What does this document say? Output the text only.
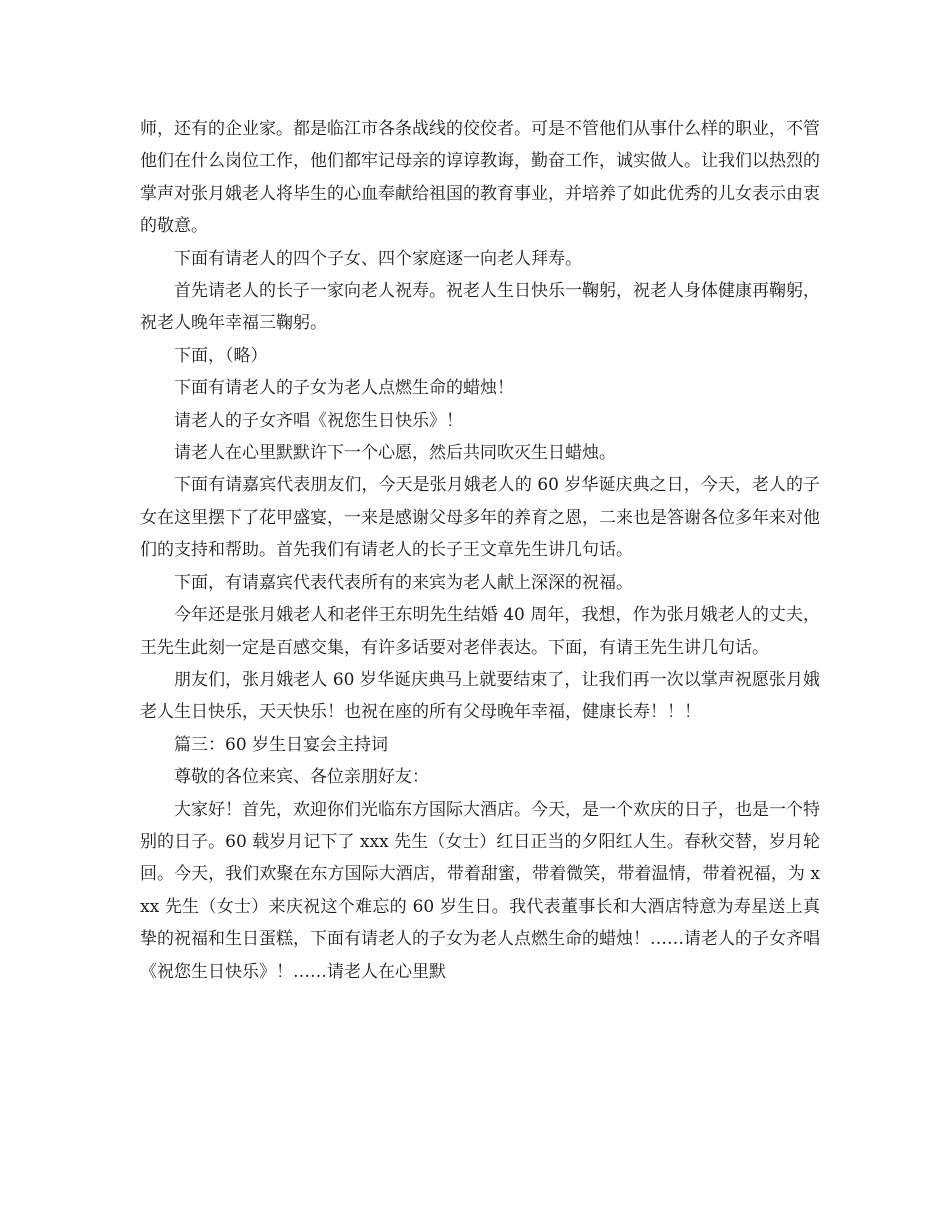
师，还有的企业家。都是临江市各条战线的佼佼者。可是不管他们从事什么样的职业，不管他们在什么岗位工作，他们都牢记母亲的谆谆教诲，勤奋工作，诚实做人。让我们以热烈的掌声对张月娥老人将毕生的心血奉献给祖国的教育事业，并培养了如此优秀的儿女表示由衷的敬意。

下面有请老人的四个子女、四个家庭逐一向老人拜寿。

首先请老人的长子一家向老人祝寿。祝老人生日快乐一鞠躬，祝老人身体健康再鞠躬，祝老人晚年幸福三鞠躬。

下面，（略）

下面有请老人的子女为老人点燃生命的蜡烛！

请老人的子女齐唱《祝您生日快乐》！

请老人在心里默默许下一个心愿，然后共同吹灭生日蜡烛。

下面有请嘉宾代表朋友们，今天是张月娥老人的 60 岁华诞庆典之日，今天，老人的子女在这里摆下了花甲盛宴，一来是感谢父母多年的养育之恩，二来也是答谢各位多年来对他们的支持和帮助。首先我们有请老人的长子王文章先生讲几句话。

下面，有请嘉宾代表代表所有的来宾为老人献上深深的祝福。

今年还是张月娥老人和老伴王东明先生结婚 40 周年，我想，作为张月娥老人的丈夫，王先生此刻一定是百感交集，有许多话要对老伴表达。下面，有请王先生讲几句话。

朋友们，张月娥老人 60 岁华诞庆典马上就要结束了，让我们再一次以掌声祝愿张月娥老人生日快乐，天天快乐！也祝在座的所有父母晚年幸福，健康长寿！！！

篇三：60 岁生日宴会主持词

尊敬的各位来宾、各位亲朋好友：

大家好！首先，欢迎你们光临东方国际大酒店。今天，是一个欢庆的日子，也是一个特别的日子。60 载岁月记下了 xxx 先生（女士）红日正当的夕阳红人生。春秋交替，岁月轮回。今天，我们欢聚在东方国际大酒店，带着甜蜜，带着微笑，带着温情，带着祝福，为 xxx 先生（女士）来庆祝这个难忘的 60 岁生日。我代表董事长和大酒店特意为寿星送上真挚的祝福和生日蛋糕，下面有请老人的子女为老人点燃生命的蜡烛！……请老人的子女齐唱《祝您生日快乐》！……请老人在心里默
